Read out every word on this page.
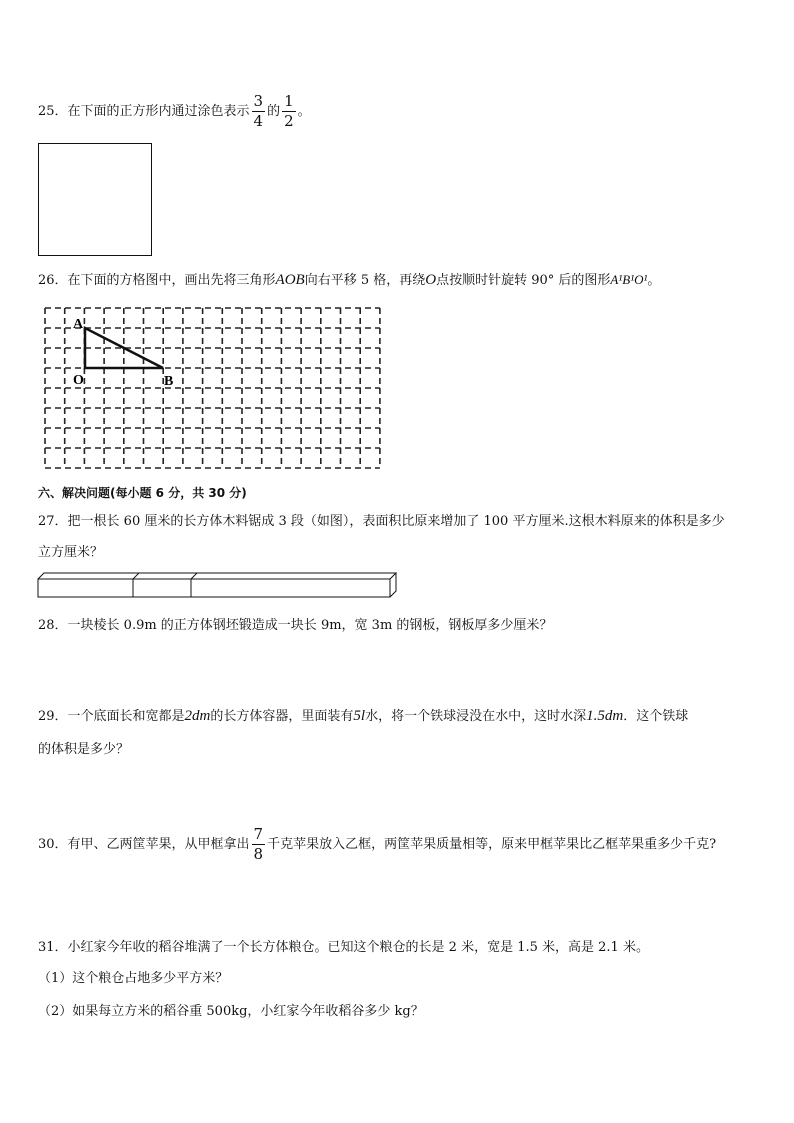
25．在下面的正方形内通过涂色表示 $\frac{3}{4}$ 的 $\frac{1}{2}$ 。
26．在下面的方格图中，画出先将三角形AOB向右平移 5 格，再绕O点按顺时针旋转 90° 后的图形A¹B¹O¹。
A
O	B
六、解决问题(每小题 6 分，共 30 分)
27．把一根长 60 厘米的长方体木料锯成 3 段（如图），表面积比原来增加了 100 平方厘米.这根木料原来的体积是多少
立方厘米？
28．一块棱长 0.9m 的正方体钢坯锻造成一块长 9m，宽 3m 的钢板，钢板厚多少厘米？
29．一个底面长和宽都是2dm的长方体容器，里面装有5l水，将一个铁球浸没在水中，这时水深1.5dm．这个铁球
的体积是多少？
30．有甲、乙两筐苹果，从甲框拿出 $\frac{7}{8}$ 千克苹果放入乙框，两筐苹果质量相等，原来甲框苹果比乙框苹果重多少千克?
31．小红家今年收的稻谷堆满了一个长方体粮仓。已知这个粮仓的长是 2 米，宽是 1.5 米，高是 2.1 米。
（1）这个粮仓占地多少平方米？
（2）如果每立方米的稻谷重 500kg，小红家今年收稻谷多少 kg？
